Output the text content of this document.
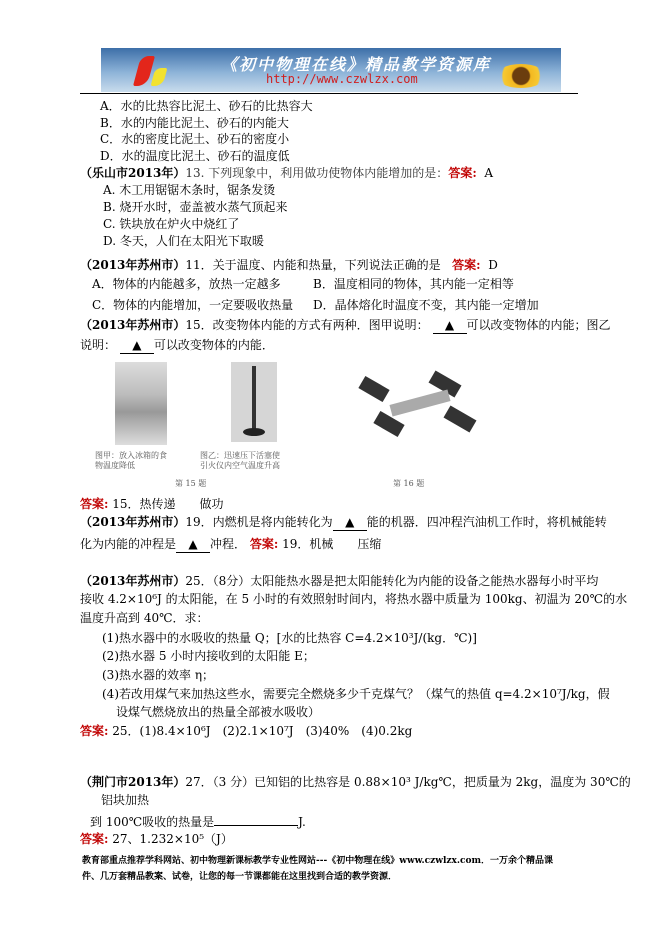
《初中物理在线》精品教学资源库
http://www.czwlzx.com
A．水的比热容比泥土、砂石的比热容大
B．水的内能比泥土、砂石的内能大
C．水的密度比泥土、砂石的密度小
D．水的温度比泥土、砂石的温度低
（乐山市2013年）13. 下列现象中，利用做功使物体内能增加的是：答案: A
A. 木工用锯锯木条时，锯条发烫
B. 烧开水时，壶盖被水蒸气顶起来
C. 铁块放在炉火中烧红了
D. 冬天，人们在太阳光下取暖
（2013年苏州市）11．关于温度、内能和热量，下列说法正确的是 答案: D
A．物体的内能越多，放热一定越多	B．温度相同的物体，其内能一定相等
C．物体的内能增加，一定要吸收热量 D．晶体熔化时温度不变，其内能一定增加
（2013年苏州市）15．改变物体内能的方式有两种．图甲说明： ▲ 可以改变物体的内能；图乙
说明： ▲ 可以改变物体的内能．
图甲：放入冰箱的食
物温度降低
图乙：迅速压下活塞使
引火仪内空气温度升高
第 15 题	第 16 题
答案: 15．热传递　　做功
（2013年苏州市）19．内燃机是将内能转化为 ▲ 能的机器．四冲程汽油机工作时，将机械能转
化为内能的冲程是 ▲ 冲程． 答案: 19．机械　　压缩
（2013年苏州市）25．（8分）太阳能热水器是把太阳能转化为内能的设备之能热水器每小时平均
接收 4.2×10⁶J 的太阳能，在 5 小时的有效照射时间内，将热水器中质量为 100kg、初温为 20℃的水
温度升高到 40℃．求：
(1)热水器中的水吸收的热量 Q；[水的比热容 C=4.2×10³J/(kg．℃)]
(2)热水器 5 小时内接收到的太阳能 E；
(3)热水器的效率 η；
(4)若改用煤气来加热这些水，需要完全燃烧多少千克煤气？（煤气的热值 q=4.2×10⁷J/kg，假
设煤气燃烧放出的热量全部被水吸收）
答案: 25．(1)8.4×10⁶J　(2)2.1×10⁷J　(3)40%　(4)0.2kg
（荆门市2013年）27．（3 分）已知铝的比热容是 0.88×10³ J/kg℃，把质量为 2kg，温度为 30℃的
铝块加热
到 100℃吸收的热量是	J.
答案: 27、1.232×10⁵（J）
教育部重点推荐学科网站、初中物理新课标教学专业性网站---《初中物理在线》www.czwlzx.com．一万余个精品课
件、几万套精品教案、试卷，让您的每一节课都能在这里找到合适的教学资源．
